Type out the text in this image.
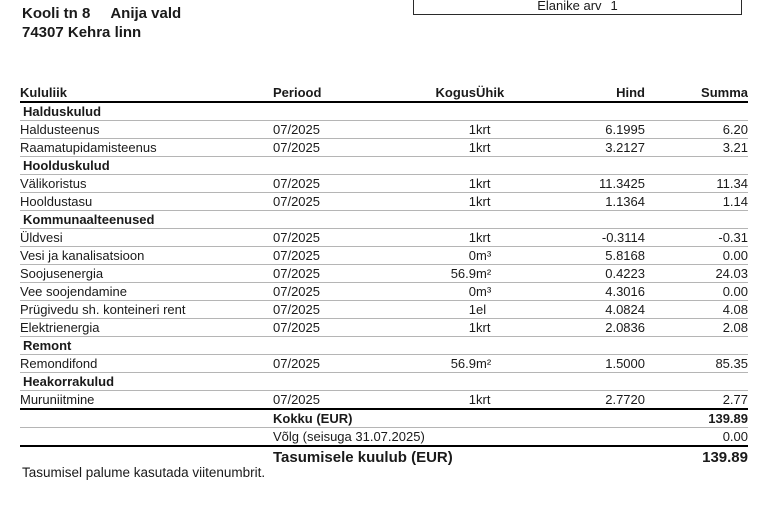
Kooli tn 8 Anija vald
74307 Kehra linn
Elanike arv 1
Kululiik	Periood	Kogus	Ühik	Hind	Summa
Halduskulud					
Haldusteenus	07/2025	1	krt	6.1995	6.20
Raamatupidamisteenus	07/2025	1	krt	3.2127	3.21
Hoolduskulud					
Välikoristus	07/2025	1	krt	11.3425	11.34
Hooldustasu	07/2025	1	krt	1.1364	1.14
Kommunaalteenused					
Üldvesi	07/2025	1	krt	-0.3114	-0.31
Vesi ja kanalisatsioon	07/2025	0	m³	5.8168	0.00
Soojusenergia	07/2025	56.9	m²	0.4223	24.03
Vee soojendamine	07/2025	0	m³	4.3016	0.00
Prügivedu sh. konteineri rent	07/2025	1	el	4.0824	4.08
Elektrienergia	07/2025	1	krt	2.0836	2.08
Remont					
Remondifond	07/2025	56.9	m²	1.5000	85.35
Heakorrakulud					
Muruniitmine	07/2025	1	krt	2.7720	2.77
	Kokku (EUR)				139.89
	Võlg (seisuga 31.07.2025)				0.00
	Tasumisele kuulub (EUR)				139.89
Tasumisel palume kasutada viitenumbrit.
